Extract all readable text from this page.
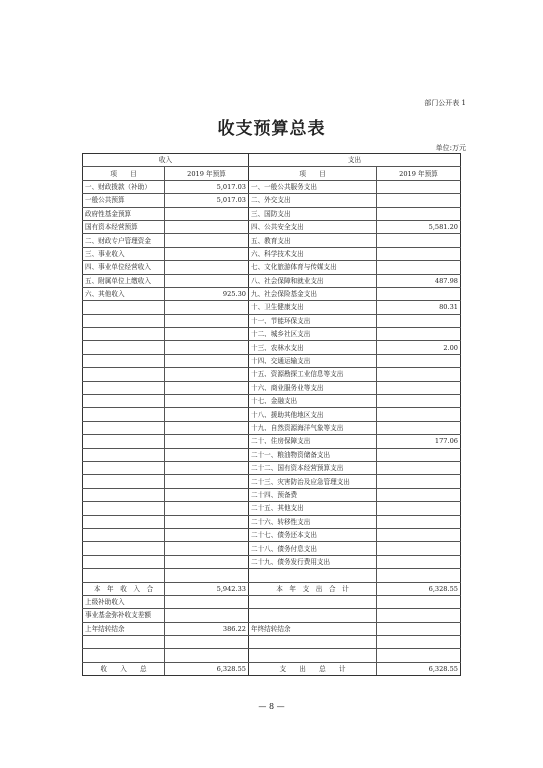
部门公开表 1
收支预算总表
单位:万元
收入		支出	
项　　目	2019 年预算	项　　目	2019 年预算
一、财政拨款（补助）	5,017.03	一、一般公共服务支出	
一般公共预算	5,017.03	二、外交支出	
政府性基金预算		三、国防支出	
国有资本经营预算		四、公共安全支出	5,581.20
二、财政专户管理资金		五、教育支出	
三、事业收入		六、科学技术支出	
四、事业单位经营收入		七、文化旅游体育与传媒支出	
五、附属单位上缴收入		八、社会保障和就业支出	487.98
六、其他收入	925.30	九、社会保险基金支出	
		十、卫生健康支出	80.31
		十一、节能环保支出	
		十二、城乡社区支出	
		十三、农林水支出	2.00
		十四、交通运输支出	
		十五、资源勘探工业信息等支出	
		十六、商业服务业等支出	
		十七、金融支出	
		十八、援助其他地区支出	
		十九、自然资源海洋气象等支出	
		二十、住房保障支出	177.06
		二十一、粮油物资储备支出	
		二十二、国有资本经营预算支出	
		二十三、灾害防治及应急管理支出	
		二十四、预备费	
		二十五、其他支出	
		二十六、转移性支出	
		二十七、债务还本支出	
		二十八、债务付息支出	
		二十九、债务发行费用支出	

本　年　收　入　合	5,942.33	本　年　支　出　合　计	6,328.55
上级补助收入			
事业基金弥补收支差额			
上年结转结余	386.22	年终结转结余	

收　　入　　总	6,328.55	支　　出　　总　　计	6,328.55
— 8 —
